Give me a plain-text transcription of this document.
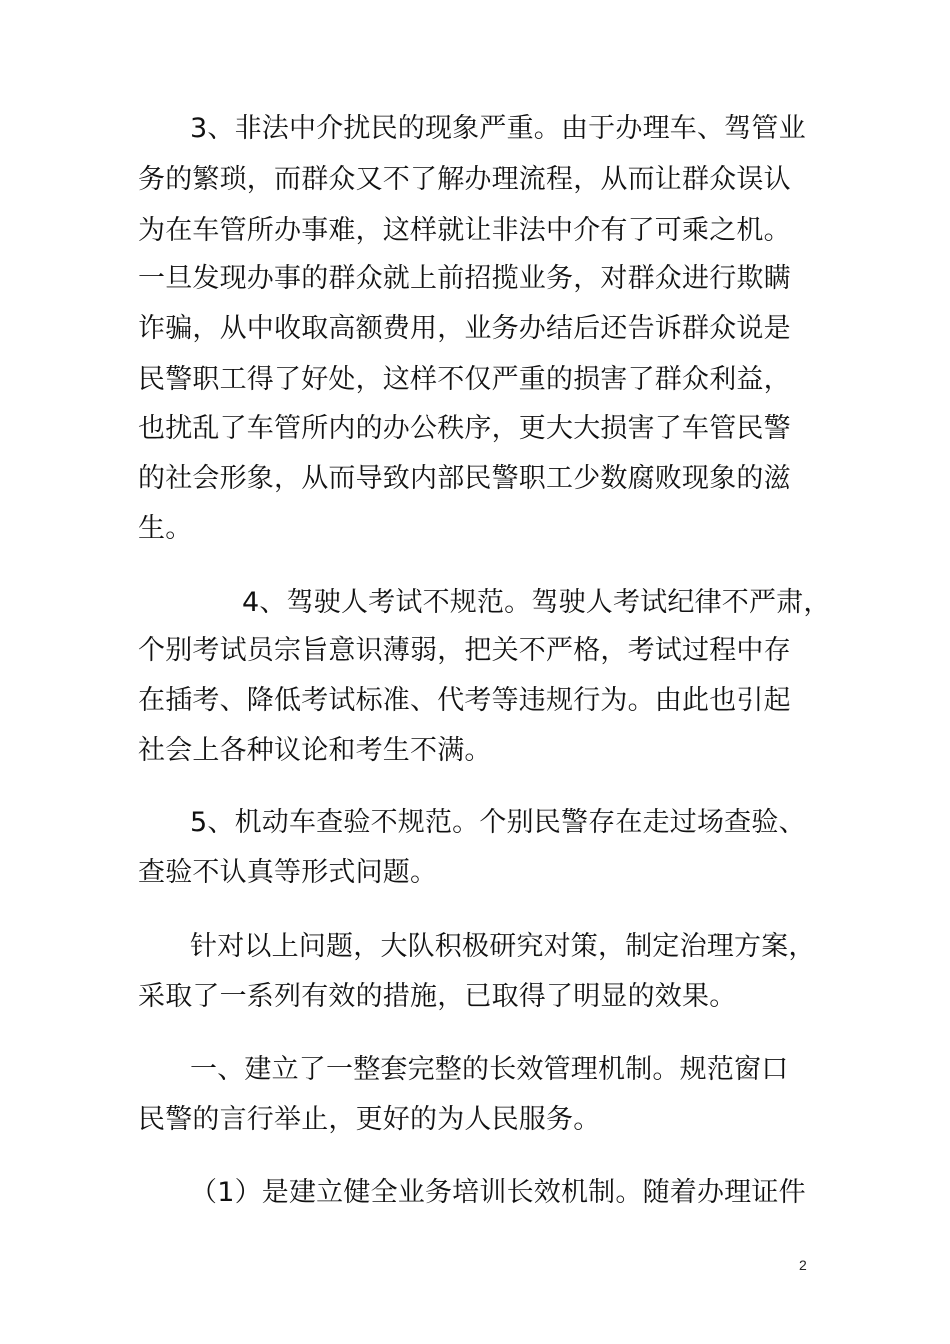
3、非法中介扰民的现象严重。由于办理车、驾管业
务的繁琐，而群众又不了解办理流程，从而让群众误认
为在车管所办事难，这样就让非法中介有了可乘之机。
一旦发现办事的群众就上前招揽业务，对群众进行欺瞒
诈骗，从中收取高额费用，业务办结后还告诉群众说是
民警职工得了好处，这样不仅严重的损害了群众利益，
也扰乱了车管所内的办公秩序，更大大损害了车管民警
的社会形象，从而导致内部民警职工少数腐败现象的滋
生。
4、驾驶人考试不规范。驾驶人考试纪律不严肃，
个别考试员宗旨意识薄弱，把关不严格，考试过程中存
在插考、降低考试标准、代考等违规行为。由此也引起
社会上各种议论和考生不满。
5、机动车查验不规范。个别民警存在走过场查验、
查验不认真等形式问题。
针对以上问题，大队积极研究对策，制定治理方案，
采取了一系列有效的措施，已取得了明显的效果。
一、建立了一整套完整的长效管理机制。规范窗口
民警的言行举止，更好的为人民服务。
（1）是建立健全业务培训长效机制。随着办理证件
2
